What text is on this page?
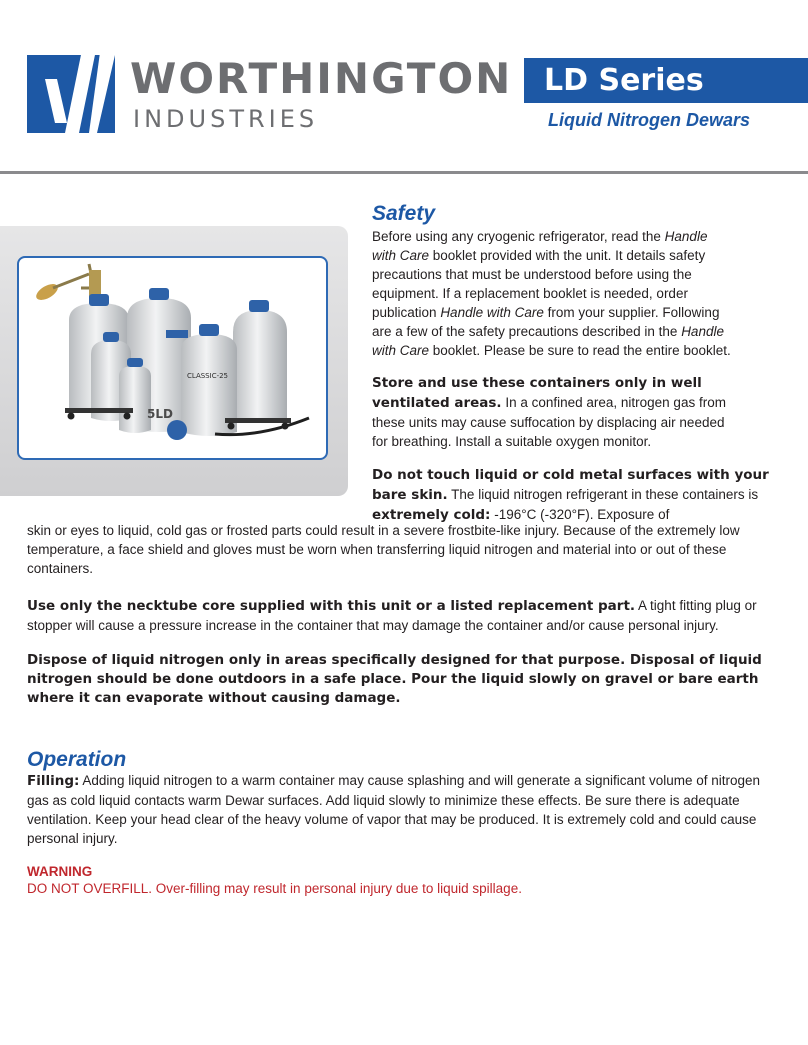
WORTHINGTON
INDUSTRIES
LD Series
Liquid Nitrogen Dewars
CLASSIC-25
5LD
Safety

Before using any cryogenic refrigerator, read the Handle with Care booklet provided with the unit. It details safety precautions that must be understood before using the equipment. If a replacement booklet is needed, order publication Handle with Care from your supplier. Following are a few of the safety precautions described in the Handle with Care booklet. Please be sure to read the entire booklet.

Store and use these containers only in well ventilated areas. In a confined area, nitrogen gas from these units may cause suffocation by displacing air needed for breathing. Install a suitable oxygen monitor.

Do not touch liquid or cold metal surfaces with your bare skin. The liquid nitrogen refrigerant in these containers is extremely cold: -196°C (-320°F). Exposure of

skin or eyes to liquid, cold gas or frosted parts could result in a severe frostbite-like injury. Because of the extremely low temperature, a face shield and gloves must be worn when transferring liquid nitrogen and material into or out of these containers.

Use only the necktube core supplied with this unit or a listed replacement part. A tight fitting plug or stopper will cause a pressure increase in the container that may damage the container and/or cause personal injury.

Dispose of liquid nitrogen only in areas specifically designed for that purpose. Disposal of liquid nitrogen should be done outdoors in a safe place. Pour the liquid slowly on gravel or bare earth where it can evaporate without causing damage.

Operation

Filling: Adding liquid nitrogen to a warm container may cause splashing and will generate a significant volume of nitrogen gas as cold liquid contacts warm Dewar surfaces. Add liquid slowly to minimize these effects. Be sure there is adequate ventilation. Keep your head clear of the heavy volume of vapor that may be produced. It is extremely cold and could cause personal injury.

WARNING
DO NOT OVERFILL. Over-filling may result in personal injury due to liquid spillage.
